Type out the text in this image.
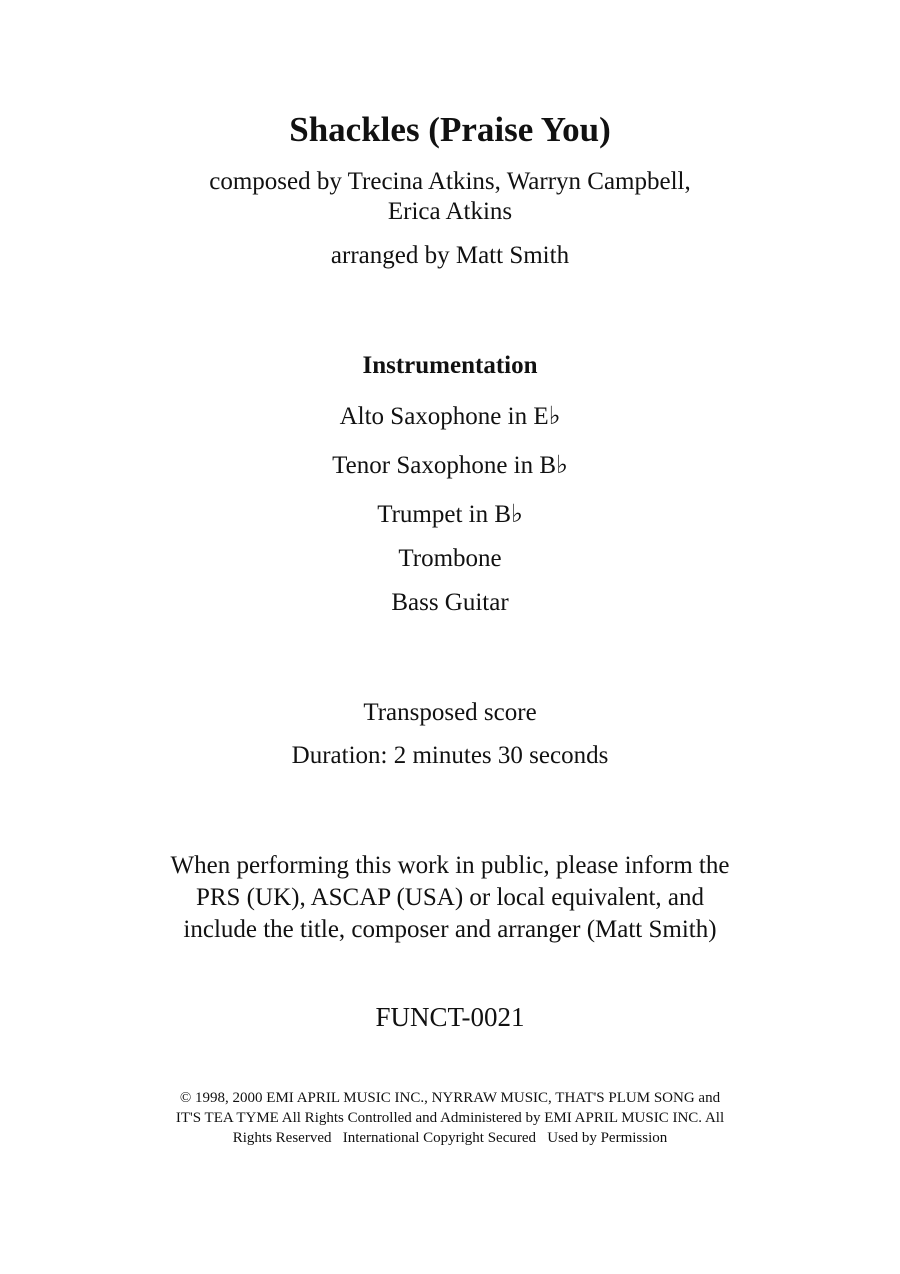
Shackles (Praise You)
composed by Trecina Atkins, Warryn Campbell,
Erica Atkins
arranged by Matt Smith
Instrumentation
Alto Saxophone in E♭
Tenor Saxophone in B♭
Trumpet in B♭
Trombone
Bass Guitar
Transposed score
Duration: 2 minutes 30 seconds
When performing this work in public, please inform the
PRS (UK), ASCAP (USA) or local equivalent, and
include the title, composer and arranger (Matt Smith)
FUNCT-0021
© 1998, 2000 EMI APRIL MUSIC INC., NYRRAW MUSIC, THAT'S PLUM SONG and
IT'S TEA TYME All Rights Controlled and Administered by EMI APRIL MUSIC INC. All
Rights Reserved   International Copyright Secured   Used by Permission
